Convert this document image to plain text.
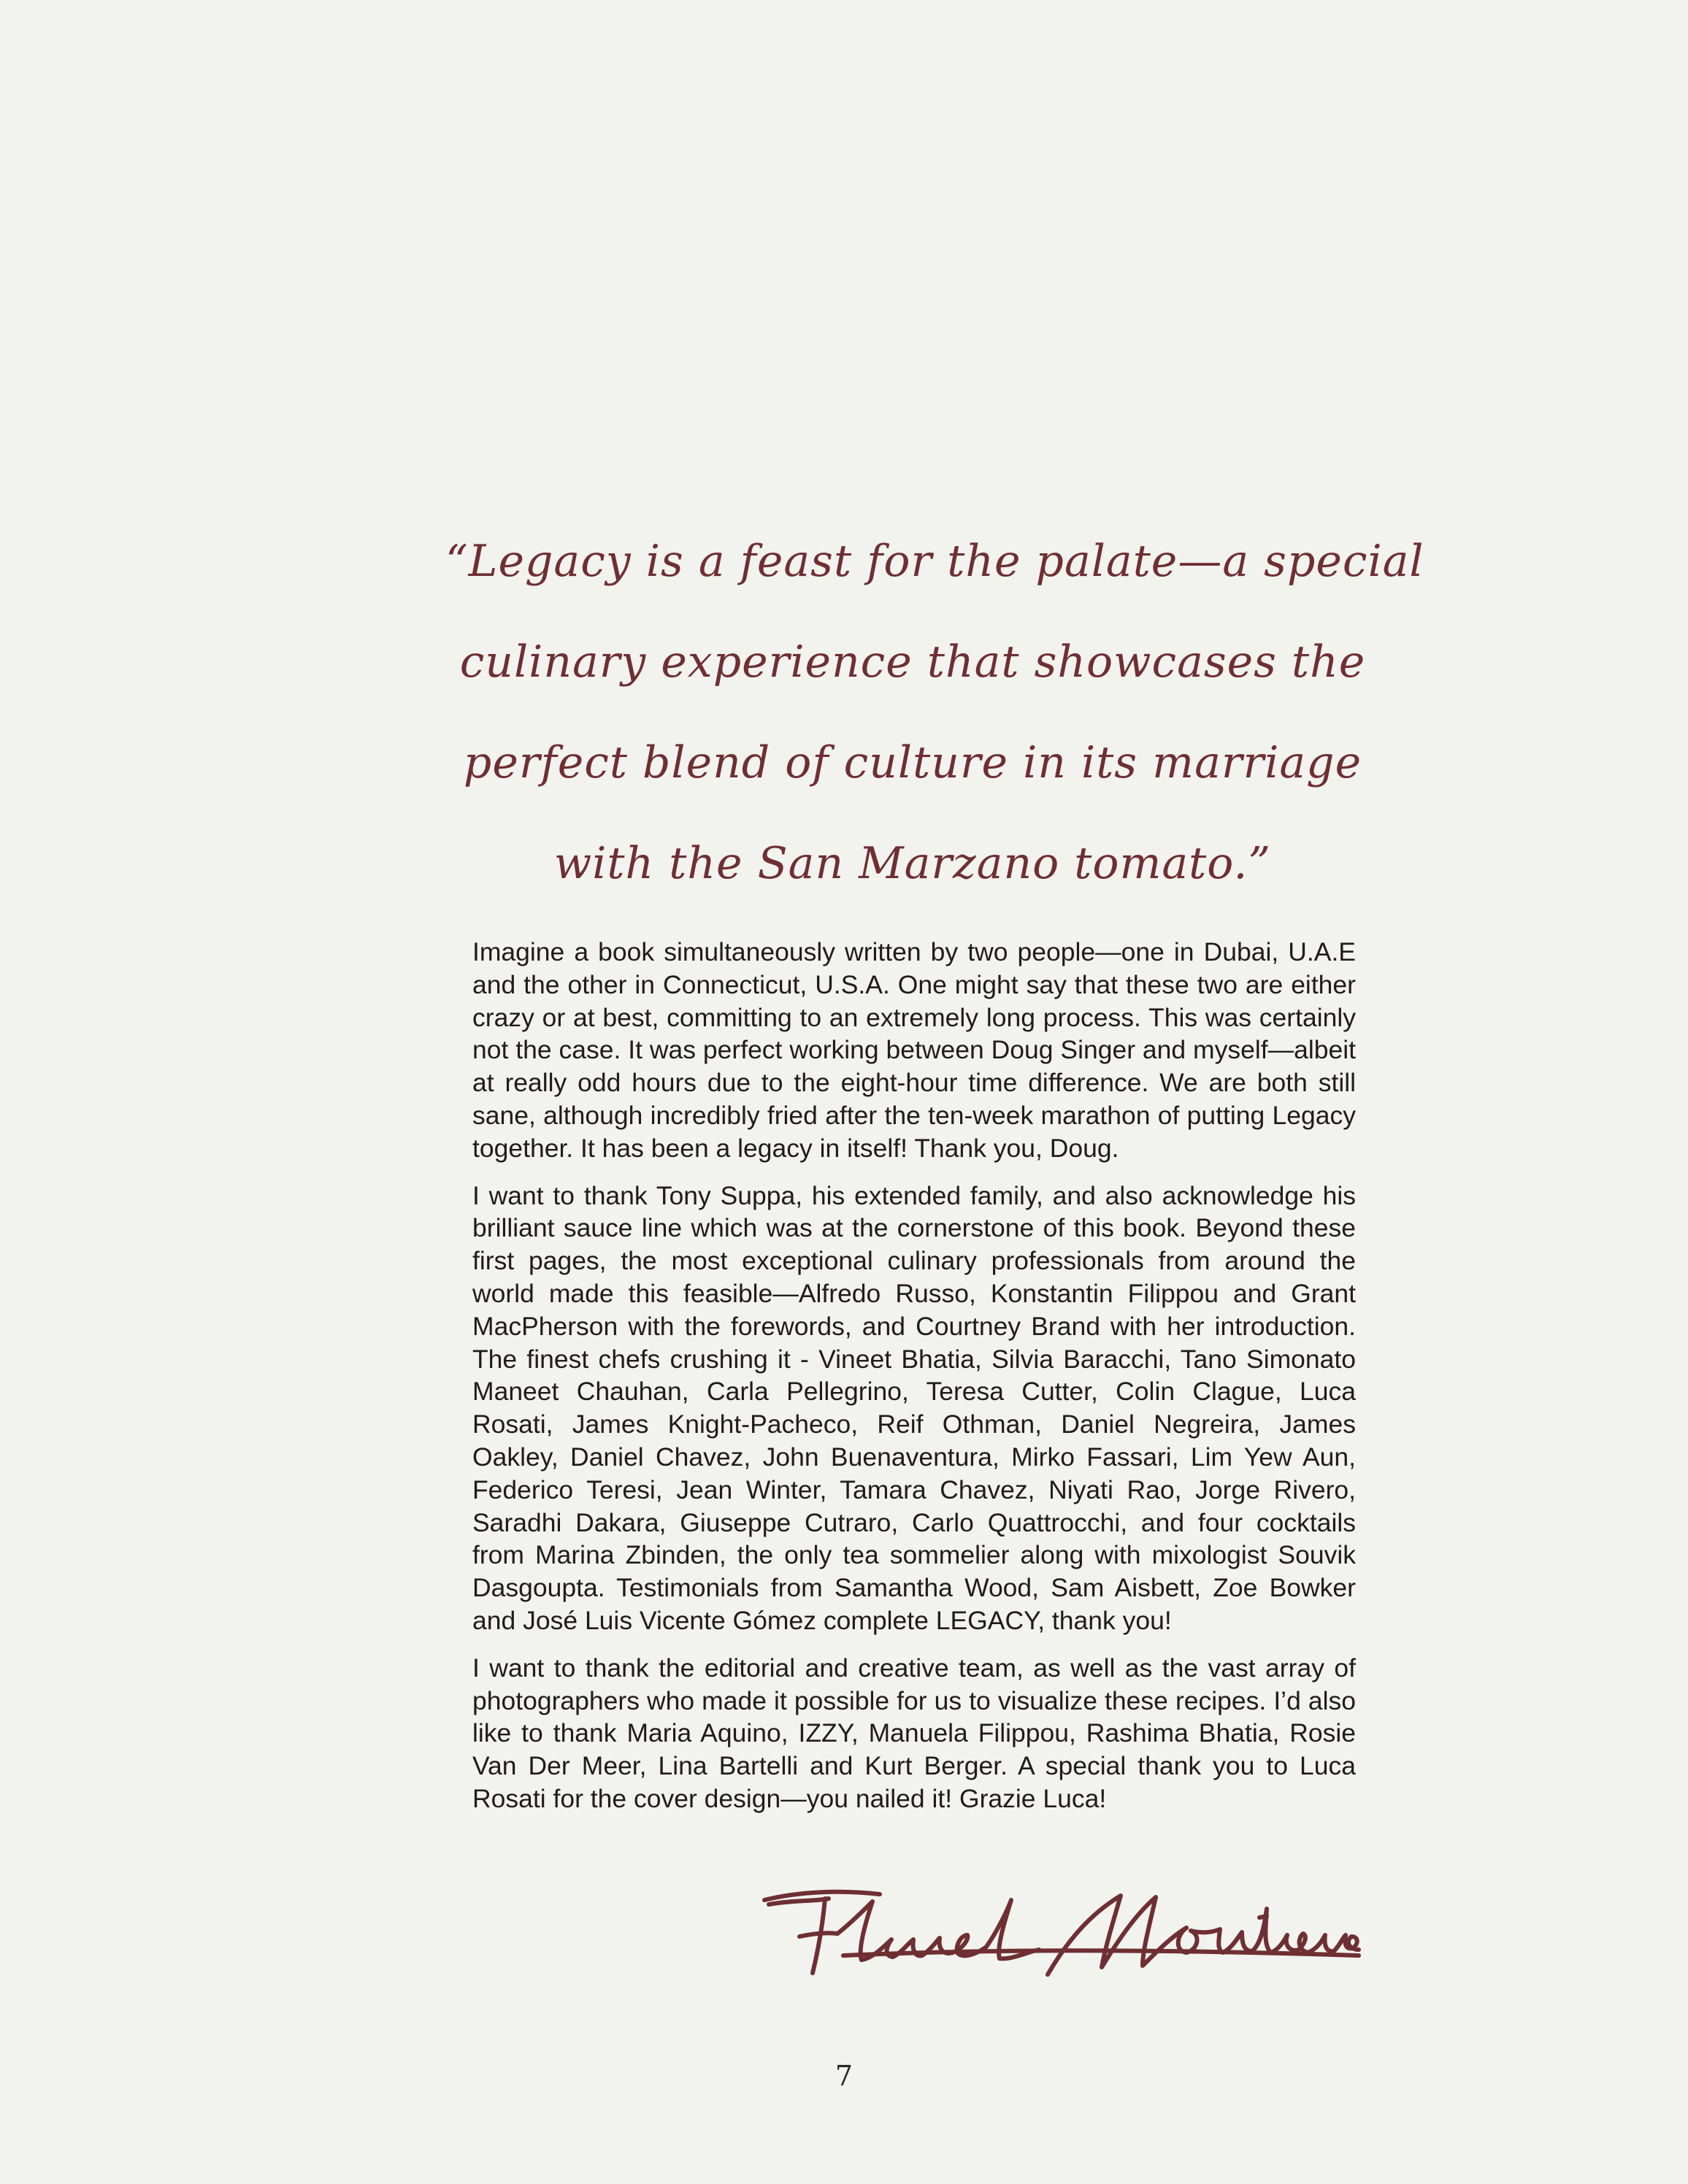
“Legacy is a feast for the palate—a special
culinary experience that showcases the
perfect blend of culture in its marriage
with the San Marzano tomato.”

Imagine a book simultaneously written by two people—one in Dubai, U.A.E and the other in Connecticut, U.S.A. One might say that these two are either crazy or at best, committing to an extremely long process. This was certainly not the case. It was perfect working between Doug Singer and myself—albeit at really odd hours due to the eight-hour time difference. We are both still sane, although incredibly fried after the ten-week marathon of putting Legacy together. It has been a legacy in itself! Thank you, Doug.

I want to thank Tony Suppa, his extended family, and also acknowledge his brilliant sauce line which was at the cornerstone of this book. Beyond these first pages, the most exceptional culinary professionals from around the world made this feasible—Alfredo Russo, Konstantin Filippou and Grant MacPherson with the forewords, and Courtney Brand with her introduction. The finest chefs crushing it - Vineet Bhatia, Silvia Baracchi, Tano Simonato Maneet Chauhan, Carla Pellegrino, Teresa Cutter, Colin Clague, Luca Rosati, James Knight-Pacheco, Reif Othman, Daniel Negreira, James Oakley, Daniel Chavez, John Buenaventura, Mirko Fassari, Lim Yew Aun, Federico Teresi, Jean Winter, Tamara Chavez, Niyati Rao, Jorge Rivero, Saradhi Dakara, Giuseppe Cutraro, Carlo Quattrocchi, and four cocktails from Marina Zbinden, the only tea sommelier along with mixologist Souvik Dasgoupta. Testimonials from Samantha Wood, Sam Aisbett, Zoe Bowker and José Luis Vicente Gómez complete LEGACY, thank you!

I want to thank the editorial and creative team, as well as the vast array of photographers who made it possible for us to visualize these recipes. I’d also like to thank Maria Aquino, IZZY, Manuela Filippou, Rashima Bhatia, Rosie Van Der Meer, Lina Bartelli and Kurt Berger. A special thank you to Luca Rosati for the cover design—you nailed it! Grazie Luca!

7
